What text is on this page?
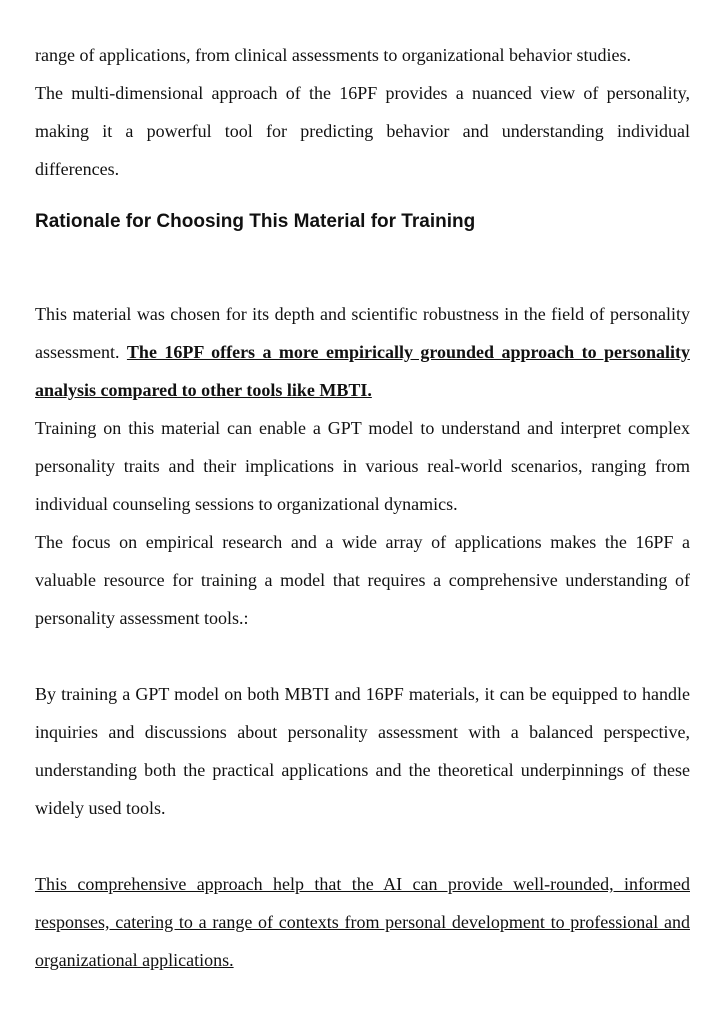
range of applications, from clinical assessments to organizational behavior studies.

The multi-dimensional approach of the 16PF provides a nuanced view of personality, making it a powerful tool for predicting behavior and understanding individual differences.

Rationale for Choosing This Material for Training

This material was chosen for its depth and scientific robustness in the field of personality assessment. The 16PF offers a more empirically grounded approach to personality analysis compared to other tools like MBTI.

Training on this material can enable a GPT model to understand and interpret complex personality traits and their implications in various real-world scenarios, ranging from individual counseling sessions to organizational dynamics.

The focus on empirical research and a wide array of applications makes the 16PF a valuable resource for training a model that requires a comprehensive understanding of personality assessment tools.:

By training a GPT model on both MBTI and 16PF materials, it can be equipped to handle inquiries and discussions about personality assessment with a balanced perspective, understanding both the practical applications and the theoretical underpinnings of these widely used tools.

This comprehensive approach help that the AI can provide well-rounded, informed responses, catering to a range of contexts from personal development to professional and organizational applications.
